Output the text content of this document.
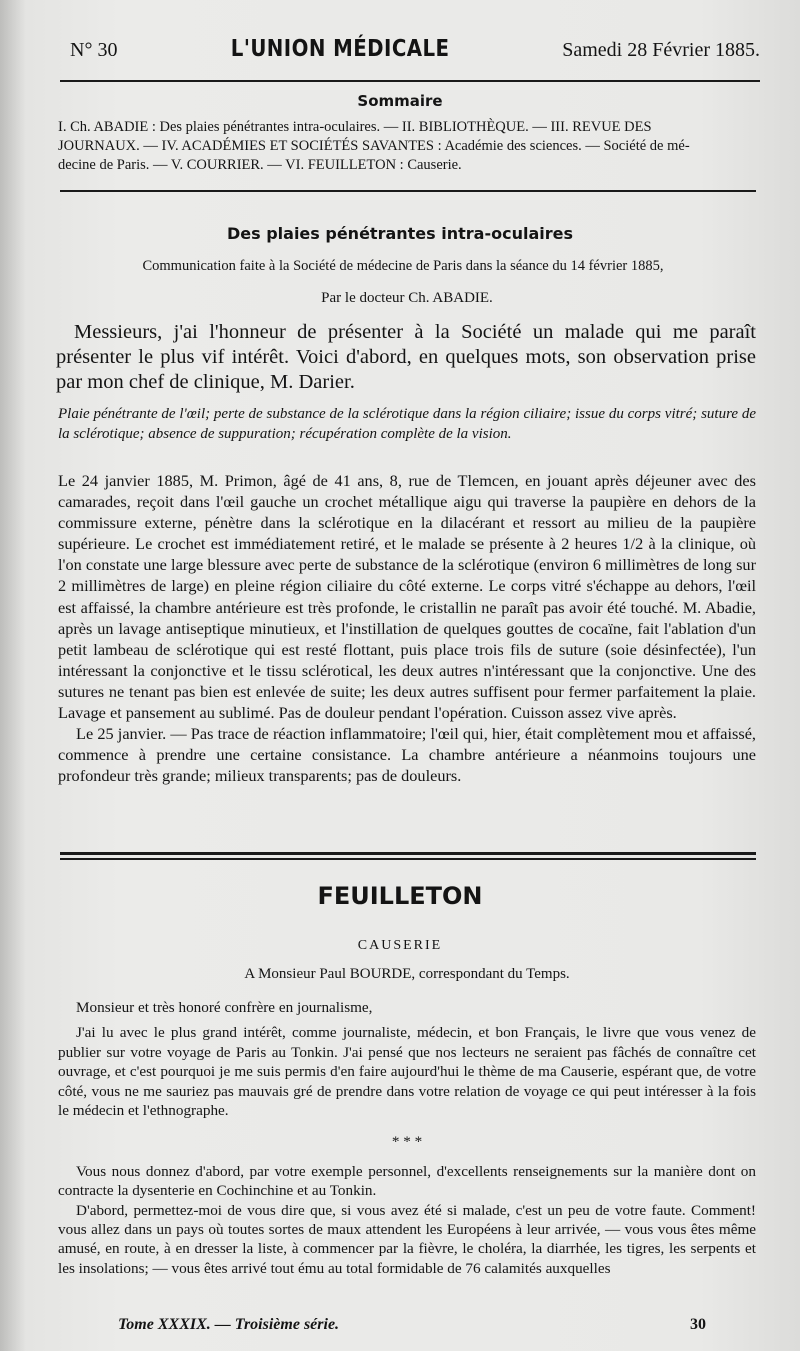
N° 30	L'UNION MÉDICALE	Samedi 28 Février 1885.
Sommaire
I. Ch. ABADIE : Des plaies pénétrantes intra-oculaires. — II. BIBLIOTHÈQUE. — III. REVUE DES
JOURNAUX. — IV. ACADÉMIES ET SOCIÉTÉS SAVANTES : Académie des sciences. — Société de mé-
decine de Paris. — V. COURRIER. — VI. FEUILLETON : Causerie.
Des plaies pénétrantes intra-oculaires
Communication faite à la Société de médecine de Paris dans la séance du 14 février 1885,
Par le docteur Ch. ABADIE.

Messieurs, j'ai l'honneur de présenter à la Société un malade qui me paraît présenter le plus vif intérêt. Voici d'abord, en quelques mots, son observation prise par mon chef de clinique, M. Darier.

Plaie pénétrante de l'œil; perte de substance de la sclérotique dans la région ciliaire; issue du corps vitré; suture de la sclérotique; absence de suppuration; récupération complète de la vision.

Le 24 janvier 1885, M. Primon, âgé de 41 ans, 8, rue de Tlemcen, en jouant après déjeuner avec des camarades, reçoit dans l'œil gauche un crochet métallique aigu qui traverse la paupière en dehors de la commissure externe, pénètre dans la sclérotique en la dilacérant et ressort au milieu de la paupière supérieure. Le crochet est immédiatement retiré, et le malade se présente à 2 heures 1/2 à la clinique, où l'on constate une large blessure avec perte de substance de la sclérotique (environ 6 millimètres de long sur 2 millimètres de large) en pleine région ciliaire du côté externe. Le corps vitré s'échappe au dehors, l'œil est affaissé, la chambre antérieure est très profonde, le cristallin ne paraît pas avoir été touché. M. Abadie, après un lavage antiseptique minutieux, et l'instillation de quelques gouttes de cocaïne, fait l'ablation d'un petit lambeau de sclérotique qui est resté flottant, puis place trois fils de suture (soie désinfectée), l'un intéressant la conjonctive et le tissu sclérotical, les deux autres n'intéressant que la conjonctive. Une des sutures ne tenant pas bien est enlevée de suite; les deux autres suffisent pour fermer parfaitement la plaie. Lavage et pansement au sublimé. Pas de douleur pendant l'opération. Cuisson assez vive après.

Le 25 janvier. — Pas trace de réaction inflammatoire; l'œil qui, hier, était complètement mou et affaissé, commence à prendre une certaine consistance. La chambre antérieure a néanmoins toujours une profondeur très grande; milieux transparents; pas de douleurs.

FEUILLETON
CAUSERIE
A Monsieur Paul BOURDE, correspondant du Temps.

Monsieur et très honoré confrère en journalisme,

J'ai lu avec le plus grand intérêt, comme journaliste, médecin, et bon Français, le livre que vous venez de publier sur votre voyage de Paris au Tonkin. J'ai pensé que nos lecteurs ne seraient pas fâchés de connaître cet ouvrage, et c'est pourquoi je me suis permis d'en faire aujourd'hui le thème de ma Causerie, espérant que, de votre côté, vous ne me sauriez pas mauvais gré de prendre dans votre relation de voyage ce qui peut intéresser à la fois le médecin et l'ethnographe.

* * *

Vous nous donnez d'abord, par votre exemple personnel, d'excellents renseignements sur la manière dont on contracte la dysenterie en Cochinchine et au Tonkin.

D'abord, permettez-moi de vous dire que, si vous avez été si malade, c'est un peu de votre faute. Comment! vous allez dans un pays où toutes sortes de maux attendent les Européens à leur arrivée, — vous vous êtes même amusé, en route, à en dresser la liste, à commencer par la fièvre, le choléra, la diarrhée, les tigres, les serpents et les insolations; — vous êtes arrivé tout ému au total formidable de 76 calamités auxquelles

Tome XXXIX. — Troisième série.	30
